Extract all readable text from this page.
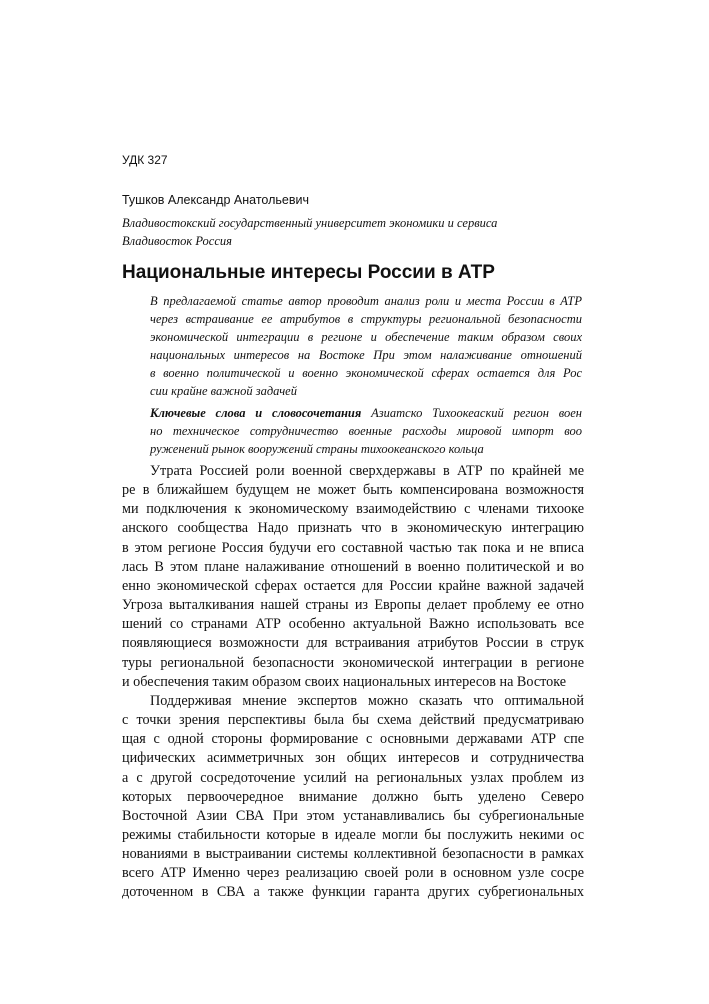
УДК 327
Тушков Александр Анатольевич
Владивостокский государственный университет экономики и сервиса
Владивосток Россия
Национальные интересы России в АТР
В предлагаемой статье автор проводит анализ роли и места России в АТР
через встраивание ее атрибутов в структуры региональной безопасности
экономической интеграции в регионе и обеспечение таким образом своих
национальных интересов на Востоке При этом налаживание отношений
в военно политической и военно экономической сферах остается для Рос
сии крайне важной задачей
Ключевые слова и словосочетания Азиатско Тихоокеаский регион воен
но техническое сотрудничество военные расходы мировой импорт воо
руженений рынок вооружений страны тихоокеанского кольца
Утрата Россией роли военной сверхдержавы в АТР по крайней ме
ре в ближайшем будущем не может быть компенсирована возможностя
ми подключения к экономическому взаимодействию с членами тихооке
анского сообщества Надо признать что в экономическую интеграцию
в этом регионе Россия будучи его составной частью так пока и не вписа
лась В этом плане налаживание отношений в военно политической и во
енно экономической сферах остается для России крайне важной задачей
Угроза выталкивания нашей страны из Европы делает проблему ее отно
шений со странами АТР особенно актуальной Важно использовать все
появляющиеся возможности для встраивания атрибутов России в струк
туры региональной безопасности экономической интеграции в регионе
и обеспечения таким образом своих национальных интересов на Востоке
Поддерживая мнение экспертов можно сказать что оптимальной
с точки зрения перспективы была бы схема действий предусматриваю
щая с одной стороны формирование с основными державами АТР спе
цифических асимметричных зон общих интересов и сотрудничества
а с другой сосредоточение усилий на региональных узлах проблем из
которых первоочередное внимание должно быть уделено Северо
Восточной Азии СВА При этом устанавливались бы субрегиональные
режимы стабильности которые в идеале могли бы послужить некими ос
нованиями в выстраивании системы коллективной безопасности в рамках
всего АТР Именно через реализацию своей роли в основном узле сосре
доточенном в СВА а также функции гаранта других субрегиональных
